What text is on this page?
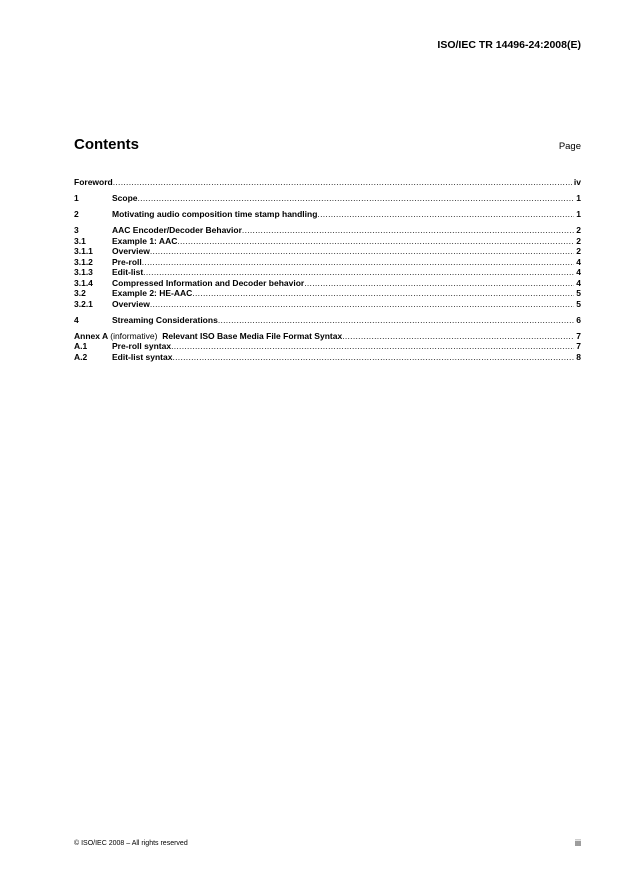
ISO/IEC TR 14496-24:2008(E)
Contents	Page
Foreword .....	iv
1	Scope .....	1
2	Motivating audio composition time stamp handling .....	1
3	AAC Encoder/Decoder Behavior .....	2
3.1	Example 1: AAC .....	2
3.1.1	Overview .....	2
3.1.2	Pre-roll .....	4
3.1.3	Edit-list .....	4
3.1.4	Compressed Information and Decoder behavior .....	4
3.2	Example 2: HE-AAC .....	5
3.2.1	Overview .....	5
4	Streaming Considerations .....	6
Annex A (informative) Relevant ISO Base Media File Format Syntax .....	7
A.1	Pre-roll syntax .....	7
A.2	Edit-list syntax .....	8
© ISO/IEC 2008 – All rights reserved	iii
